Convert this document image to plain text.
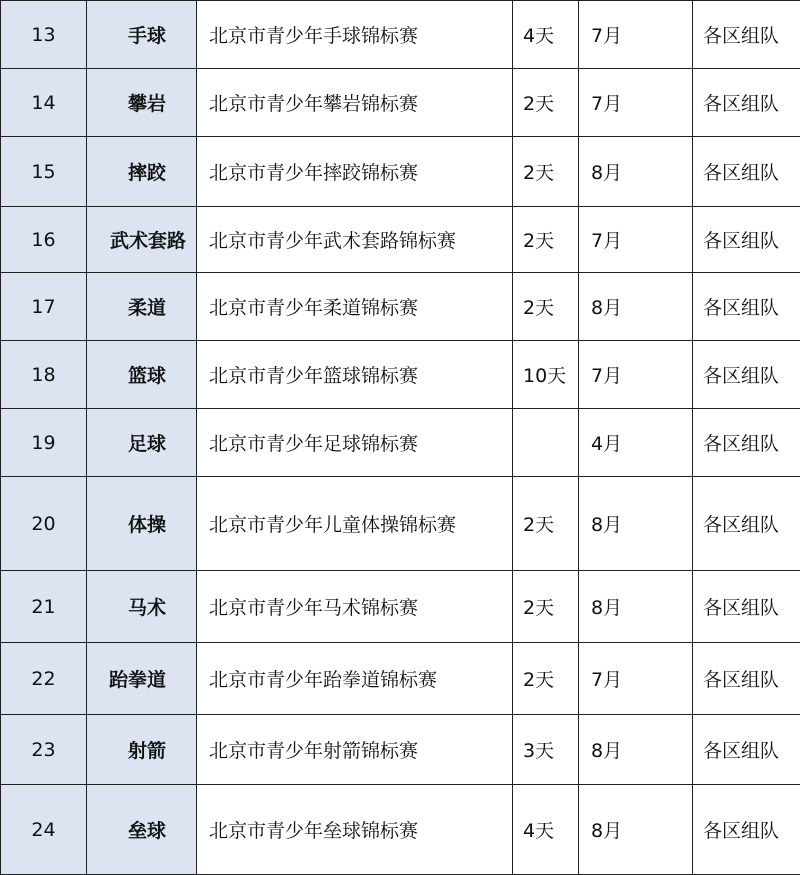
13	手球	北京市青少年手球锦标赛	4天	7月	各区组队
14	攀岩	北京市青少年攀岩锦标赛	2天	7月	各区组队
15	摔跤	北京市青少年摔跤锦标赛	2天	8月	各区组队
16	武术套路	北京市青少年武术套路锦标赛	2天	7月	各区组队
17	柔道	北京市青少年柔道锦标赛	2天	8月	各区组队
18	篮球	北京市青少年篮球锦标赛	10天	7月	各区组队
19	足球	北京市青少年足球锦标赛		4月	各区组队
20	体操	北京市青少年儿童体操锦标赛	2天	8月	各区组队
21	马术	北京市青少年马术锦标赛	2天	8月	各区组队
22	跆拳道	北京市青少年跆拳道锦标赛	2天	7月	各区组队
23	射箭	北京市青少年射箭锦标赛	3天	8月	各区组队
24	垒球	北京市青少年垒球锦标赛	4天	8月	各区组队
